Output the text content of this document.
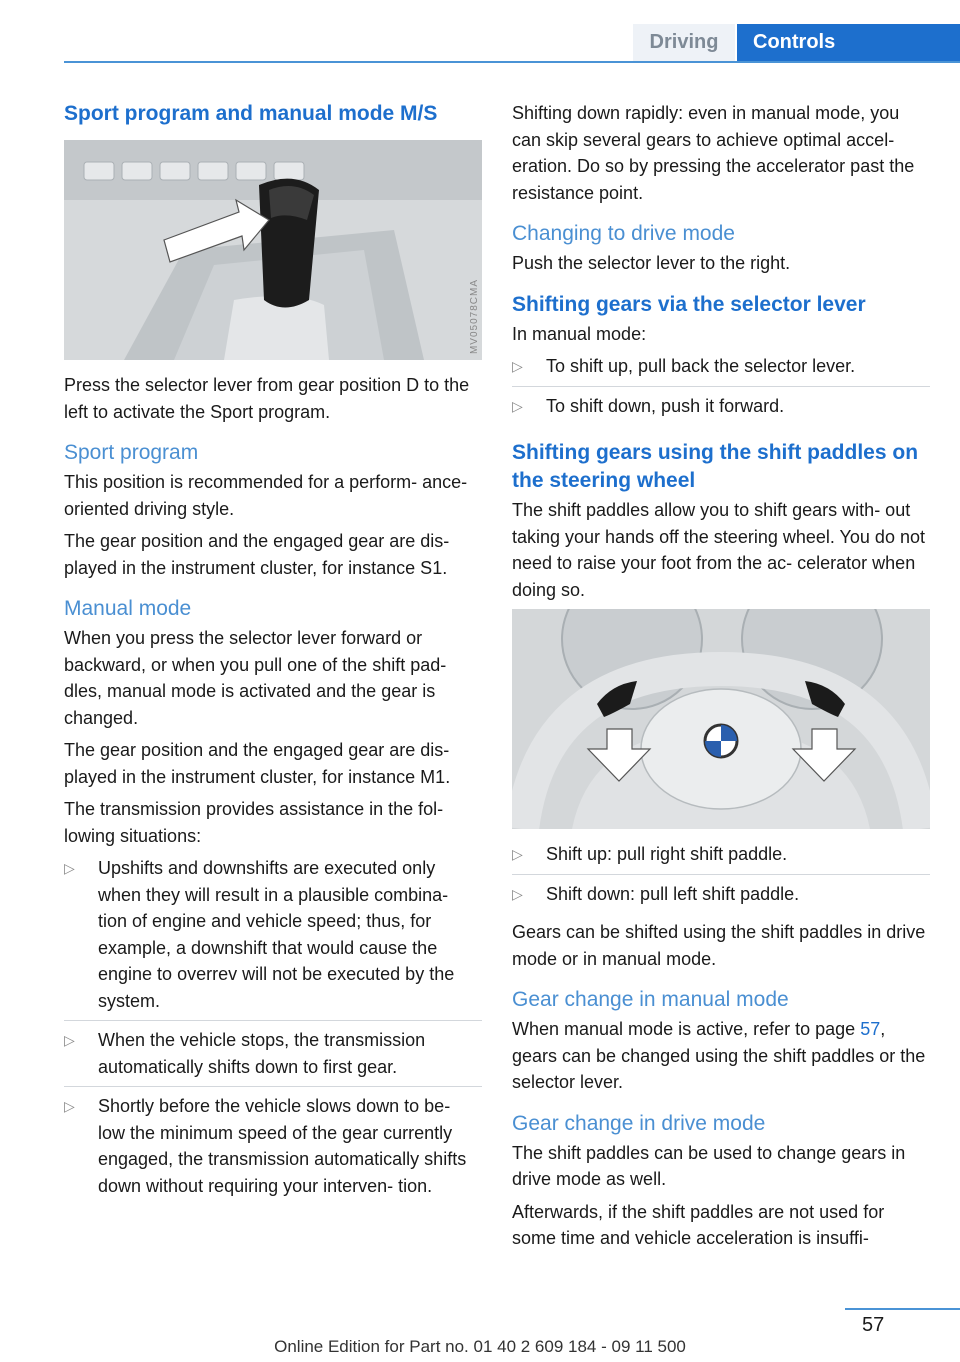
Driving	Controls
Sport program and manual mode M/S
MV05078CMA

Press the selector lever from gear position D to the left to activate the Sport program.

Sport program

This position is recommended for a perform‐ ance-oriented driving style.

The gear position and the engaged gear are dis‐ played in the instrument cluster, for instance S1.

Manual mode

When you press the selector lever forward or backward, or when you pull one of the shift pad‐ dles, manual mode is activated and the gear is changed.

The gear position and the engaged gear are dis‐ played in the instrument cluster, for instance M1.

The transmission provides assistance in the fol‐ lowing situations:

▷ Upshifts and downshifts are executed only when they will result in a plausible combina‐ tion of engine and vehicle speed; thus, for example, a downshift that would cause the engine to overrev will not be executed by the system.
▷ When the vehicle stops, the transmission automatically shifts down to first gear.
▷ Shortly before the vehicle slows down to be‐ low the minimum speed of the gear currently engaged, the transmission automatically shifts down without requiring your interven‐ tion.

Shifting down rapidly: even in manual mode, you can skip several gears to achieve optimal accel‐ eration. Do so by pressing the accelerator past the resistance point.

Changing to drive mode

Push the selector lever to the right.

Shifting gears via the selector lever

In manual mode:

▷ To shift up, pull back the selector lever.
▷ To shift down, push it forward.
Shifting gears using the shift paddles on the steering wheel

The shift paddles allow you to shift gears with‐ out taking your hands off the steering wheel. You do not need to raise your foot from the ac‐ celerator when doing so.

▷ Shift up: pull right shift paddle.
▷ Shift down: pull left shift paddle.

Gears can be shifted using the shift paddles in drive mode or in manual mode.

Gear change in manual mode

When manual mode is active, refer to page 57, gears can be changed using the shift paddles or the selector lever.

Gear change in drive mode

The shift paddles can be used to change gears in drive mode as well.

Afterwards, if the shift paddles are not used for some time and vehicle acceleration is insuffi‐

57
Online Edition for Part no. 01 40 2 609 184 - 09 11 500
